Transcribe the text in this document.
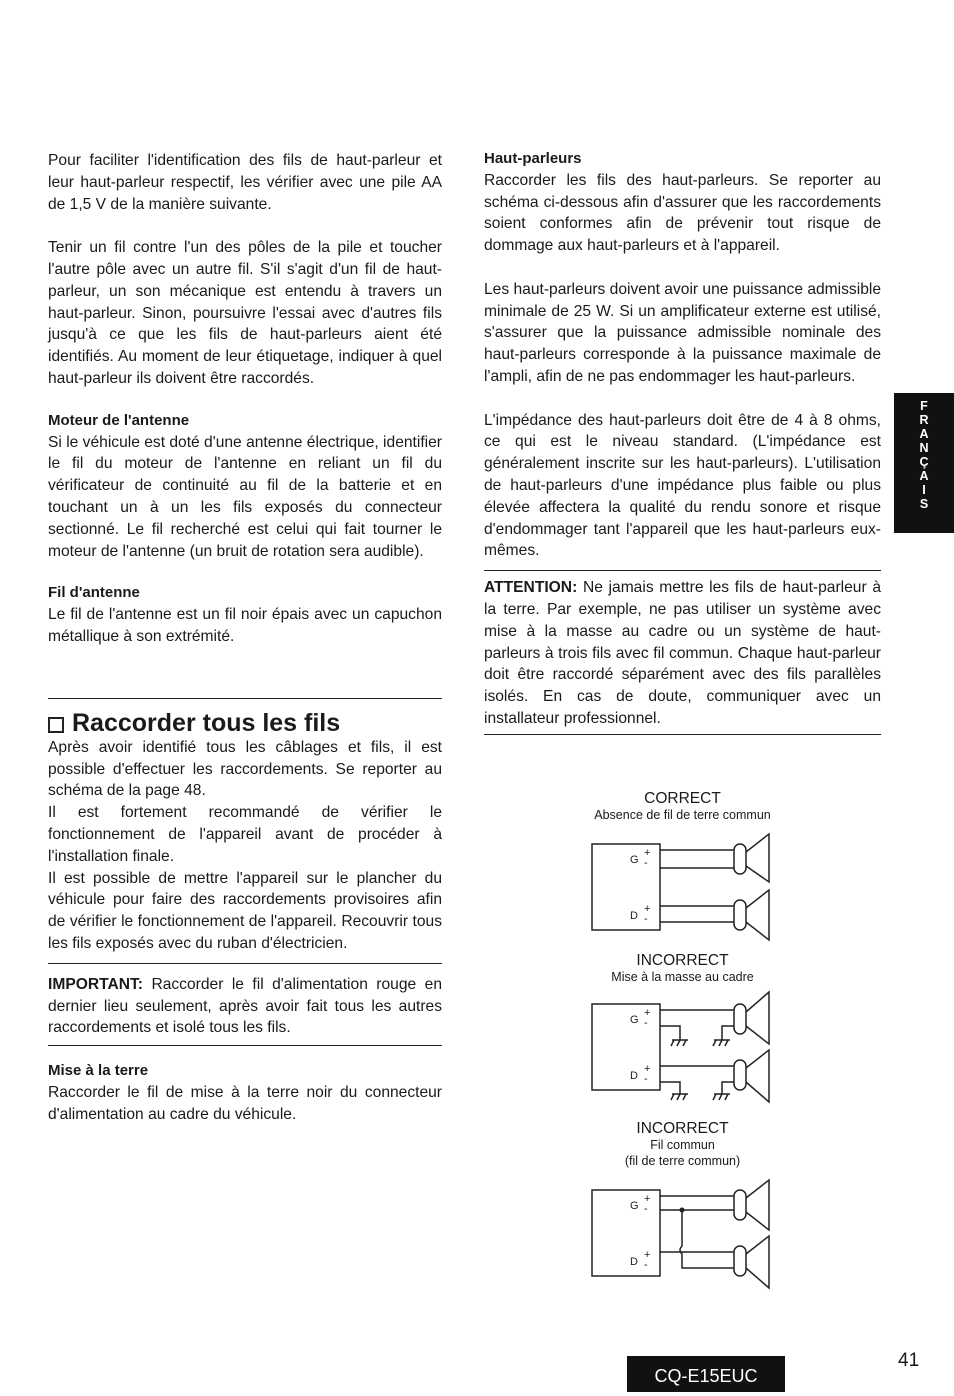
Pour faciliter l'identification des fils de haut-parleur et leur haut-parleur respectif, les vérifier avec une pile AA de 1,5 V de la manière suivante.

Tenir un fil contre l'un des pôles de la pile et toucher l'autre pôle avec un autre fil. S'il s'agit d'un fil de haut-parleur, un son mécanique est entendu à travers un haut-parleur. Sinon, poursuivre l'essai avec d'autres fils jusqu'à ce que les fils de haut-parleurs aient été identifiés. Au moment de leur étiquetage, indiquer à quel haut-parleur ils doivent être raccordés.

Moteur de l'antenne

Si le véhicule est doté d'une antenne électrique, identifier le fil du moteur de l'antenne en reliant un fil du vérificateur de continuité au fil de la batterie et en touchant un à un les fils exposés du connecteur sectionné. Le fil recherché est celui qui fait tourner le moteur de l'antenne (un bruit de rotation sera audible).

Fil d'antenne

Le fil de l'antenne est un fil noir épais avec un capuchon métallique à son extrémité.

Raccorder tous les fils

Après avoir identifié tous les câblages et fils, il est possible d'effectuer les raccordements. Se reporter au schéma de la page 48.

Il est fortement recommandé de vérifier le fonctionnement de l'appareil avant de procéder à l'installation finale.

Il est possible de mettre l'appareil sur le plancher du véhicule pour faire des raccordements provisoires afin de vérifier le fonctionnement de l'appareil. Recouvrir tous les fils exposés avec du ruban d'électricien.

IMPORTANT: Raccorder le fil d'alimentation rouge en dernier lieu seulement, après avoir fait tous les autres raccordements et isolé tous les fils.

Mise à la terre

Raccorder le fil de mise à la terre noir du connecteur d'alimentation au cadre du véhicule.

Haut-parleurs

Raccorder les fils des haut-parleurs. Se reporter au schéma ci-dessous afin d'assurer que les raccordements soient conformes afin de prévenir tout risque de dommage aux haut-parleurs et à l'appareil.

Les haut-parleurs doivent avoir une puissance admissible minimale de 25 W. Si un amplificateur externe est utilisé, s'assurer que la puissance admissible nominale des haut-parleurs corresponde à la puissance maximale de l'ampli, afin de ne pas endommager les haut-parleurs.

L'impédance des haut-parleurs doit être de 4 à 8 ohms, ce qui est le niveau standard. (L'impédance est généralement inscrite sur les haut-parleurs). L'utilisation de haut-parleurs d'une impédance plus faible ou plus élevée affectera la qualité du rendu sonore et risque d'endommager tant l'appareil que les haut-parleurs eux-mêmes.

ATTENTION: Ne jamais mettre les fils de haut-parleur à la terre. Par exemple, ne pas utiliser un système avec mise à la masse au cadre ou un système de haut-parleurs à trois fils avec fil commun. Chaque haut-parleur doit être raccordé séparément avec des fils parallèles isolés. En cas de doute, communiquer avec un installateur professionnel.

CORRECT
Absence de fil de terre commun
G
+
-
D
+
-
INCORRECT
Mise à la masse au cadre
G
+
-
D
+
-
INCORRECT
Fil commun
(fil de terre commun)
G
+
-
D
+
-
F
R
A
N
Ç
A
I
S
CQ-E15EUC
41
